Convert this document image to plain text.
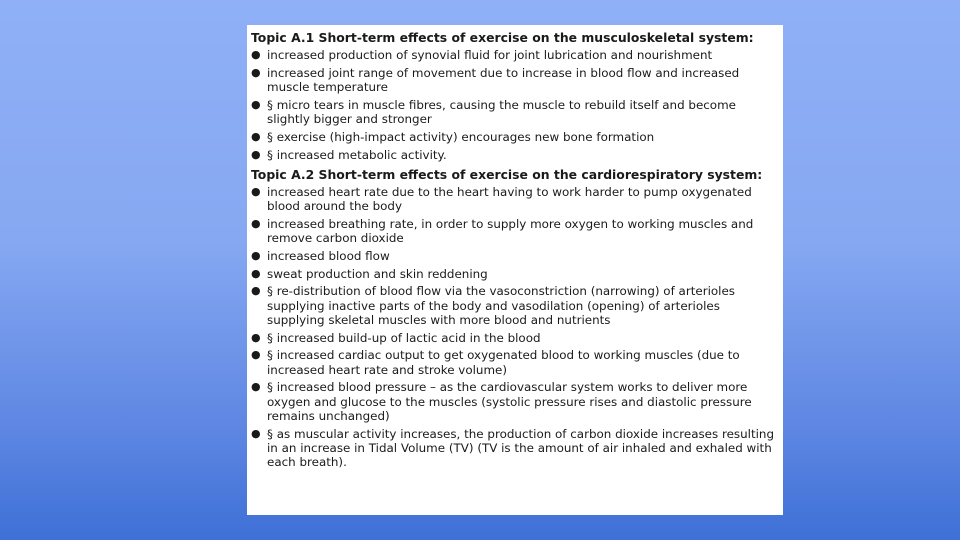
Topic A.1 Short-term effects of exercise on the musculoskeletal system:
● increased production of synovial fluid for joint lubrication and nourishment
● increased joint range of movement due to increase in blood flow and increased muscle temperature
● § micro tears in muscle fibres, causing the muscle to rebuild itself and become slightly bigger and stronger
● § exercise (high-impact activity) encourages new bone formation
● § increased metabolic activity.
Topic A.2 Short-term effects of exercise on the cardiorespiratory system:
● increased heart rate due to the heart having to work harder to pump oxygenated blood around the body
● increased breathing rate, in order to supply more oxygen to working muscles and remove carbon dioxide
● increased blood flow
● sweat production and skin reddening
● § re-distribution of blood flow via the vasoconstriction (narrowing) of arterioles supplying inactive parts of the body and vasodilation (opening) of arterioles supplying skeletal muscles with more blood and nutrients
● § increased build-up of lactic acid in the blood
● § increased cardiac output to get oxygenated blood to working muscles (due to increased heart rate and stroke volume)
● § increased blood pressure – as the cardiovascular system works to deliver more oxygen and glucose to the muscles (systolic pressure rises and diastolic pressure remains unchanged)
● § as muscular activity increases, the production of carbon dioxide increases resulting in an increase in Tidal Volume (TV) (TV is the amount of air inhaled and exhaled with each breath).
